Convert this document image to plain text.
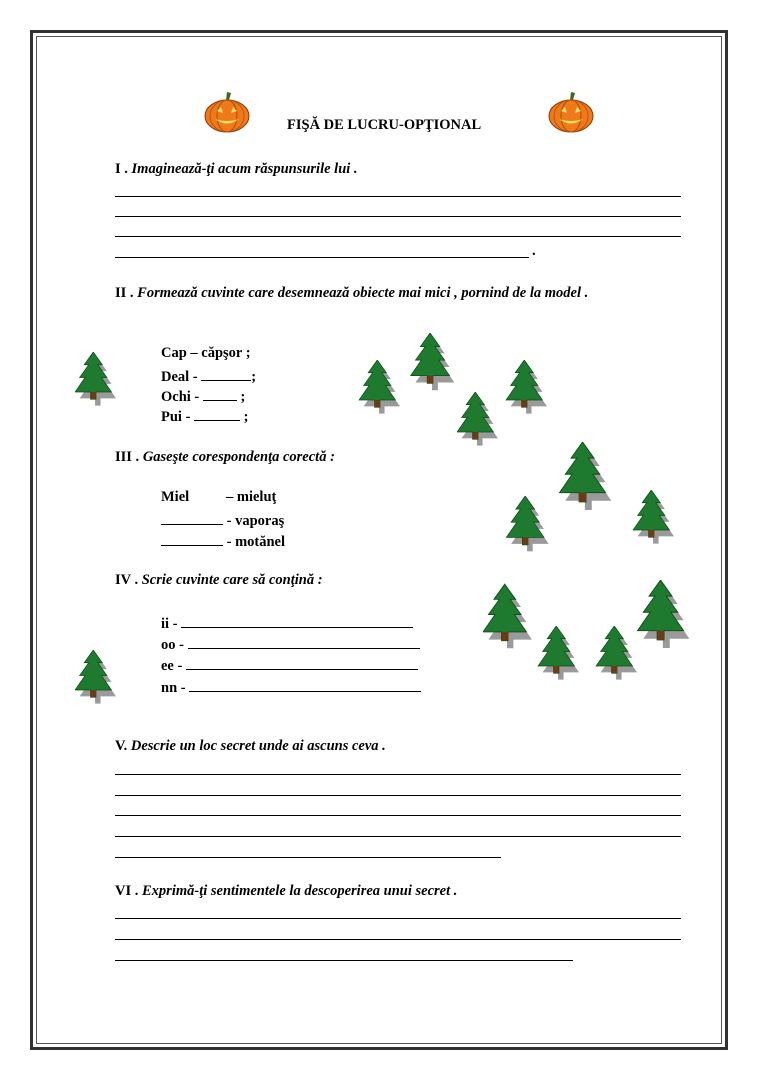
FIŞĂ DE LUCRU-OPŢIONAL
I . Imaginează-ţi acum răspunsurile lui .
.
II . Formează cuvinte care desemnează obiecte mai mici , pornind de la model .
Cap – căpşor ;
Deal -	;
Ochi -  ;
Pui -	;
III . Gaseşte corespondenţa corectă :
Miel	– mieluţ
- vaporaş
- motănel
IV . Scrie cuvinte care să conţină :
ii -
oo -
ee -
nn -
V. Descrie un loc secret unde ai ascuns ceva .
VI . Exprimă-ţi sentimentele la descoperirea unui secret .
